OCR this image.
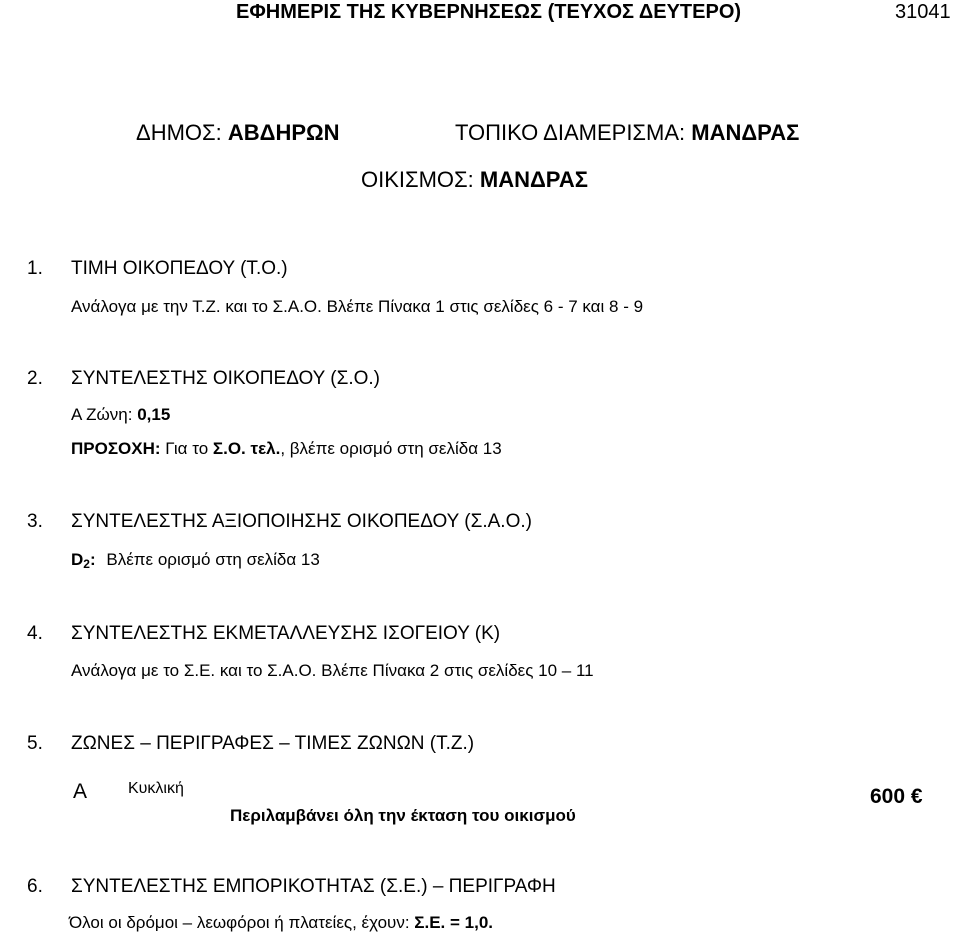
ΕΦΗΜΕΡΙΣ ΤΗΣ ΚΥΒΕΡΝΗΣΕΩΣ (ΤΕΥΧΟΣ ΔΕΥΤΕΡΟ)	31041
ΔΗΜΟΣ: ΑΒΔΗΡΩΝ	ΤΟΠΙΚΟ ΔΙΑΜΕΡΙΣΜΑ: ΜΑΝΔΡΑΣ
ΟΙΚΙΣΜΟΣ: ΜΑΝΔΡΑΣ
1. ΤΙΜΗ ΟΙΚΟΠΕΔΟΥ (Τ.Ο.)
Ανάλογα με την Τ.Ζ. και το Σ.Α.Ο. Βλέπε Πίνακα 1 στις σελίδες 6 - 7 και 8 - 9
2. ΣΥΝΤΕΛΕΣΤΗΣ ΟΙΚΟΠΕΔΟΥ (Σ.Ο.)
Α Ζώνη: 0,15
ΠΡΟΣΟΧΗ: Για το Σ.Ο. τελ., βλέπε ορισμό στη σελίδα 13
3. ΣΥΝΤΕΛΕΣΤΗΣ ΑΞΙΟΠΟΙΗΣΗΣ ΟΙΚΟΠΕΔΟΥ (Σ.Α.Ο.)
D2: Βλέπε ορισμό στη σελίδα 13
4. ΣΥΝΤΕΛΕΣΤΗΣ ΕΚΜΕΤΑΛΛΕΥΣΗΣ ΙΣΟΓΕΙΟΥ (Κ)
Ανάλογα με το Σ.Ε. και το Σ.Α.Ο. Βλέπε Πίνακα 2 στις σελίδες 10 – 11
5. ΖΩΝΕΣ – ΠΕΡΙΓΡΑΦΕΣ – ΤΙΜΕΣ ΖΩΝΩΝ (Τ.Ζ.)
Α	Κυκλική	600 €
Περιλαμβάνει όλη την έκταση του οικισμού
6. ΣΥΝΤΕΛΕΣΤΗΣ ΕΜΠΟΡΙΚΟΤΗΤΑΣ (Σ.Ε.) – ΠΕΡΙΓΡΑΦΗ
Όλοι οι δρόμοι – λεωφόροι ή πλατείες, έχουν: Σ.Ε. = 1,0.
